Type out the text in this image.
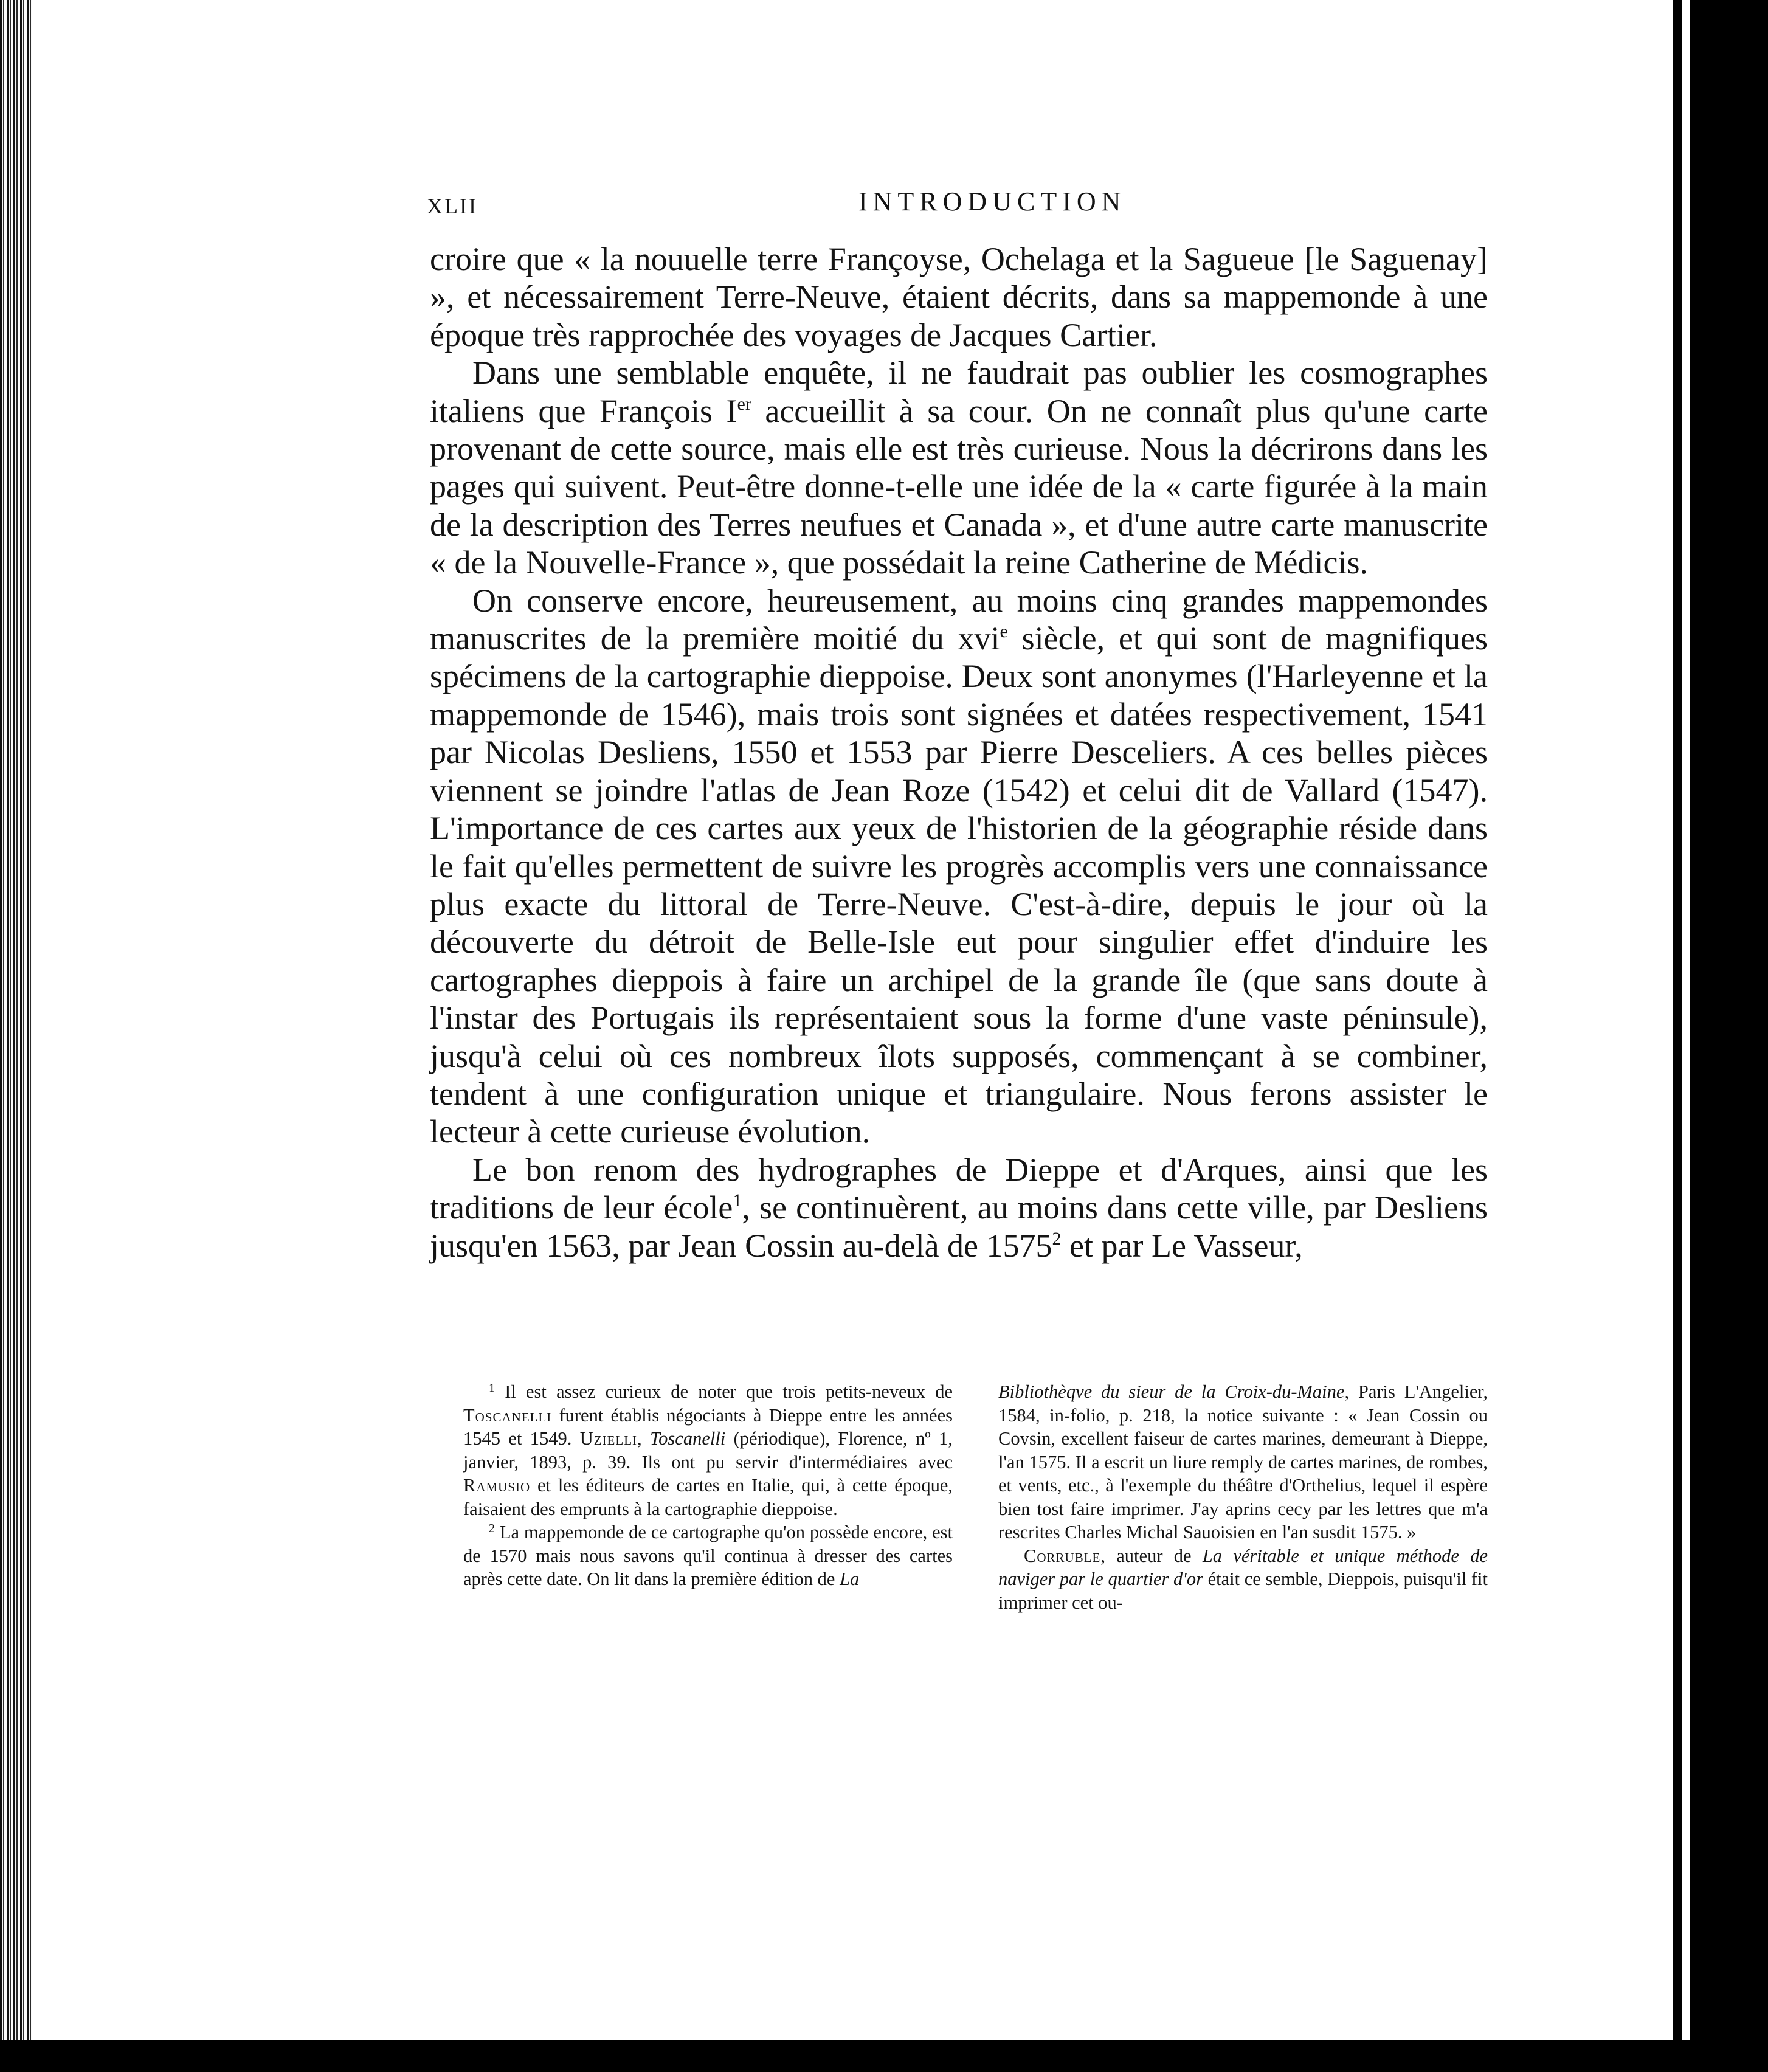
XLII	INTRODUCTION

croire que « la nouuelle terre Françoyse, Ochelaga et la Sagueue [le Saguenay] », et nécessairement Terre-Neuve, étaient décrits, dans sa mappemonde à une époque très rapprochée des voyages de Jacques Cartier.

Dans une semblable enquête, il ne faudrait pas oublier les cosmographes italiens que François Ier accueillit à sa cour. On ne connaît plus qu'une carte provenant de cette source, mais elle est très curieuse. Nous la décrirons dans les pages qui suivent. Peut-être donne-t-elle une idée de la « carte figurée à la main de la description des Terres neufues et Canada », et d'une autre carte manuscrite « de la Nouvelle-France », que possédait la reine Catherine de Médicis.

On conserve encore, heureusement, au moins cinq grandes mappemondes manuscrites de la première moitié du xvi$^e$ siècle, et qui sont de magnifiques spécimens de la cartographie dieppoise. Deux sont anonymes (l'Harleyenne et la mappemonde de 1546), mais trois sont signées et datées respectivement, 1541 par Nicolas Desliens, 1550 et 1553 par Pierre Desceliers. A ces belles pièces viennent se joindre l'atlas de Jean Roze (1542) et celui dit de Vallard (1547). L'importance de ces cartes aux yeux de l'historien de la géographie réside dans le fait qu'elles permettent de suivre les progrès accomplis vers une connaissance plus exacte du littoral de Terre-Neuve. C'est-à-dire, depuis le jour où la découverte du détroit de Belle-Isle eut pour singulier effet d'induire les cartographes dieppois à faire un archipel de la grande île (que sans doute à l'instar des Portugais ils représentaient sous la forme d'une vaste péninsule), jusqu'à celui où ces nombreux îlots supposés, commençant à se combiner, tendent à une configuration unique et triangulaire. Nous ferons assister le lecteur à cette curieuse évolution.

Le bon renom des hydrographes de Dieppe et d'Arques, ainsi que les traditions de leur école$^1$, se continuèrent, au moins dans cette ville, par Desliens jusqu'en 1563, par Jean Cossin au-delà de 1575$^2$ et par Le Vasseur,

$^1$ Il est assez curieux de noter que trois petits-neveux de Toscanelli furent établis négociants à Dieppe entre les années 1545 et 1549. Uzielli, Toscanelli (périodique), Florence, nº 1, janvier, 1893, p. 39. Ils ont pu servir d'intermédiaires avec Ramusio et les éditeurs de cartes en Italie, qui, à cette époque, faisaient des emprunts à la cartographie dieppoise.

$^2$ La mappemonde de ce cartographe qu'on possède encore, est de 1570 mais nous savons qu'il continua à dresser des cartes après cette date. On lit dans la première édition de La

Bibliothèqve du sieur de la Croix-du-Maine, Paris L'Angelier, 1584, in-folio, p. 218, la notice suivante : « Jean Cossin ou Covsin, excellent faiseur de cartes marines, demeurant à Dieppe, l'an 1575. Il a escrit un liure remply de cartes marines, de rombes, et vents, etc., à l'exemple du théâtre d'Orthelius, lequel il espère bien tost faire imprimer. J'ay aprins cecy par les lettres que m'a rescrites Charles Michal Sauoisien en l'an susdit 1575. »

Corruble, auteur de La véritable et unique méthode de naviger par le quartier d'or était ce semble, Dieppois, puisqu'il fit imprimer cet ou-
